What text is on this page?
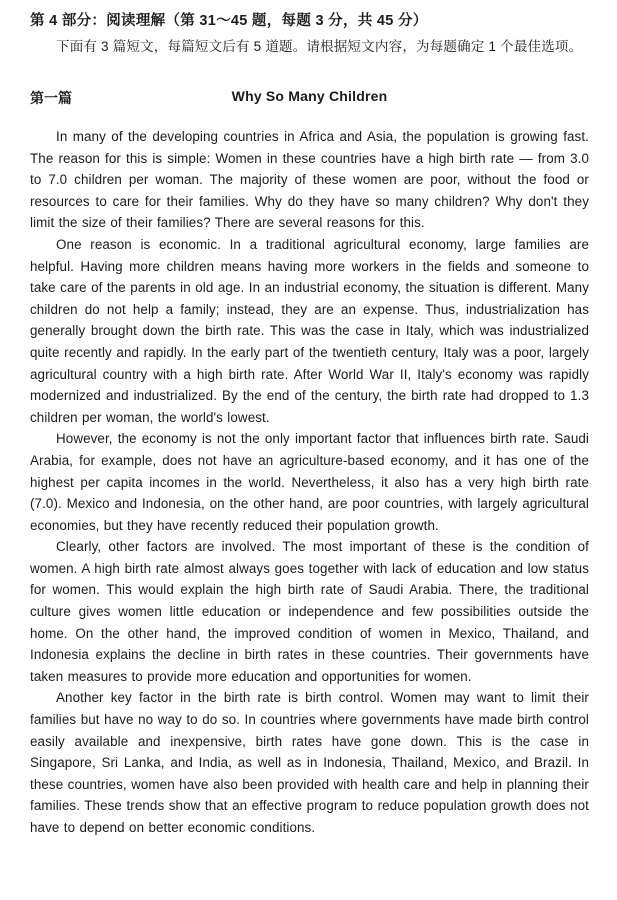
第 4 部分：阅读理解（第 31～45 题，每题 3 分，共 45 分）
下面有 3 篇短文，每篇短文后有 5 道题。请根据短文内容，为每题确定 1 个最佳选项。
第一篇	Why So Many Children

In many of the developing countries in Africa and Asia, the population is growing fast. The reason for this is simple: Women in these countries have a high birth rate — from 3.0 to 7.0 children per woman. The majority of these women are poor, without the food or resources to care for their families. Why do they have so many children? Why don't they limit the size of their families? There are several reasons for this.

One reason is economic. In a traditional agricultural economy, large families are helpful. Having more children means having more workers in the fields and someone to take care of the parents in old age. In an industrial economy, the situation is different. Many children do not help a family; instead, they are an expense. Thus, industrialization has generally brought down the birth rate. This was the case in Italy, which was industrialized quite recently and rapidly. In the early part of the twentieth century, Italy was a poor, largely agricultural country with a high birth rate. After World War II, Italy's economy was rapidly modernized and industrialized. By the end of the century, the birth rate had dropped to 1.3 children per woman, the world's lowest.

However, the economy is not the only important factor that influences birth rate. Saudi Arabia, for example, does not have an agriculture-based economy, and it has one of the highest per capita incomes in the world. Nevertheless, it also has a very high birth rate (7.0). Mexico and Indonesia, on the other hand, are poor countries, with largely agricultural economies, but they have recently reduced their population growth.

Clearly, other factors are involved. The most important of these is the condition of women. A high birth rate almost always goes together with lack of education and low status for women. This would explain the high birth rate of Saudi Arabia. There, the traditional culture gives women little education or independence and few possibilities outside the home. On the other hand, the improved condition of women in Mexico, Thailand, and Indonesia explains the decline in birth rates in these countries. Their governments have taken measures to provide more education and opportunities for women.

Another key factor in the birth rate is birth control. Women may want to limit their families but have no way to do so. In countries where governments have made birth control easily available and inexpensive, birth rates have gone down. This is the case in Singapore, Sri Lanka, and India, as well as in Indonesia, Thailand, Mexico, and Brazil. In these countries, women have also been provided with health care and help in planning their families. These trends show that an effective program to reduce population growth does not have to depend on better economic conditions.
